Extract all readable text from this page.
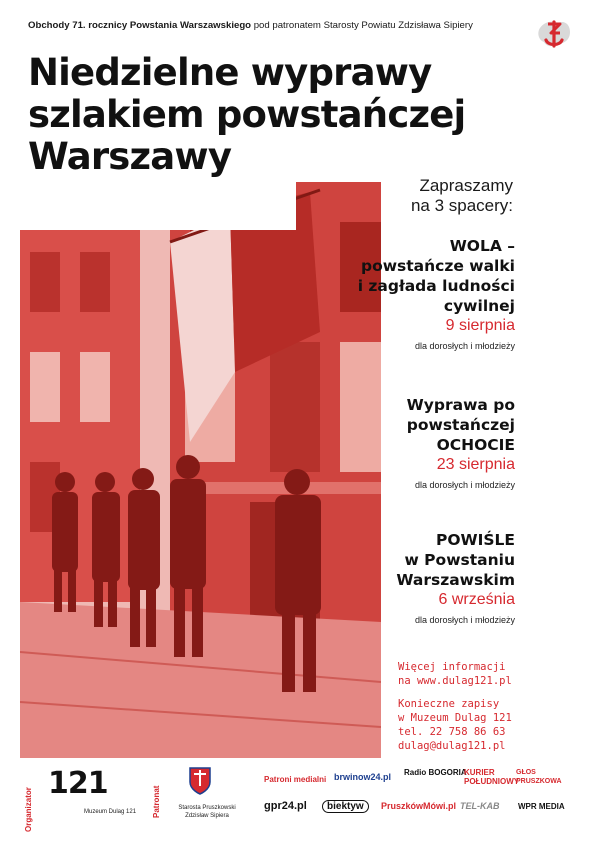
Obchody 71. rocznicy Powstania Warszawskiego pod patronatem Starosty Powiatu Zdzisława Sipiery
Niedzielne wyprawy
szlakiem powstańczej
Warszawy
Zapraszamy
na 3 spacery:
WOLA –
powstańcze walki
i zagłada ludności
cywilnej
9 sierpnia
dla dorosłych i młodzieży
Wyprawa po
powstańczej
OCHOCIE
23 sierpnia
dla dorosłych i młodzieży
POWIŚLE
w Powstaniu
Warszawskim
6 września
dla dorosłych i młodzieży
Więcej informacji
na www.dulag121.pl
Konieczne zapisy
w Muzeum Dulag 121
tel. 22 758 86 63
dulag@dulag121.pl
Organizator
121
Muzeum Dulag 121 Patronat	Starosta Pruszkowski
Zdzisław Sipiera
Patroni medialni brwinow24.pl Radio BOGORIA
KURIER POŁUDNIOWY
GŁOS PRUSZKOWA
gpr24.pl	biektyw	PruszkówMówi.pl TEL-KAB WPR MEDIA
